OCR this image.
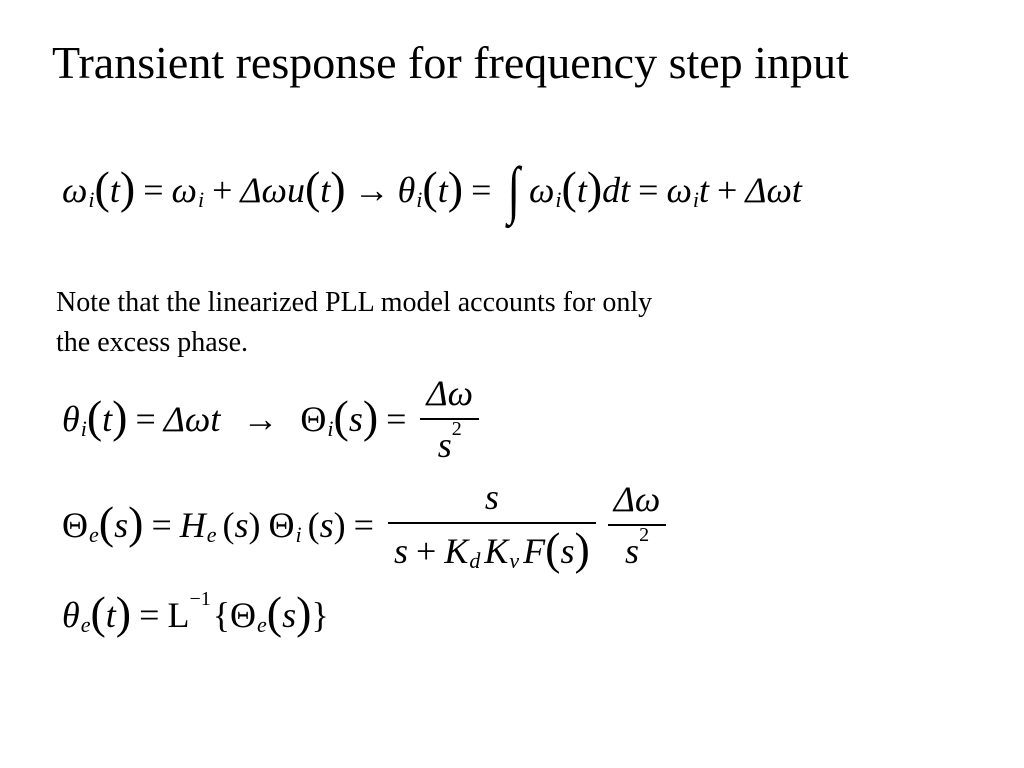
Transient response for frequency step input
ω i ( t ) = ω i + Δω u ( t ) → θ i ( t ) = ∫ ω i ( t ) dt = ω i t + Δω t
Note that the linearized PLL model accounts for only
the excess phase.
θ i ( t ) = Δωt → Θ i ( s ) = $\frac{\Delta\omega}{s 2}$
Θ e ( s ) = H e ( s ) Θ i ( s ) = $\frac{s}{\text{s + K d K v F ( s )}} \frac{\Delta\omega}{s 2}$
θ e ( t ) = L −1 { Θ e ( s ) }
